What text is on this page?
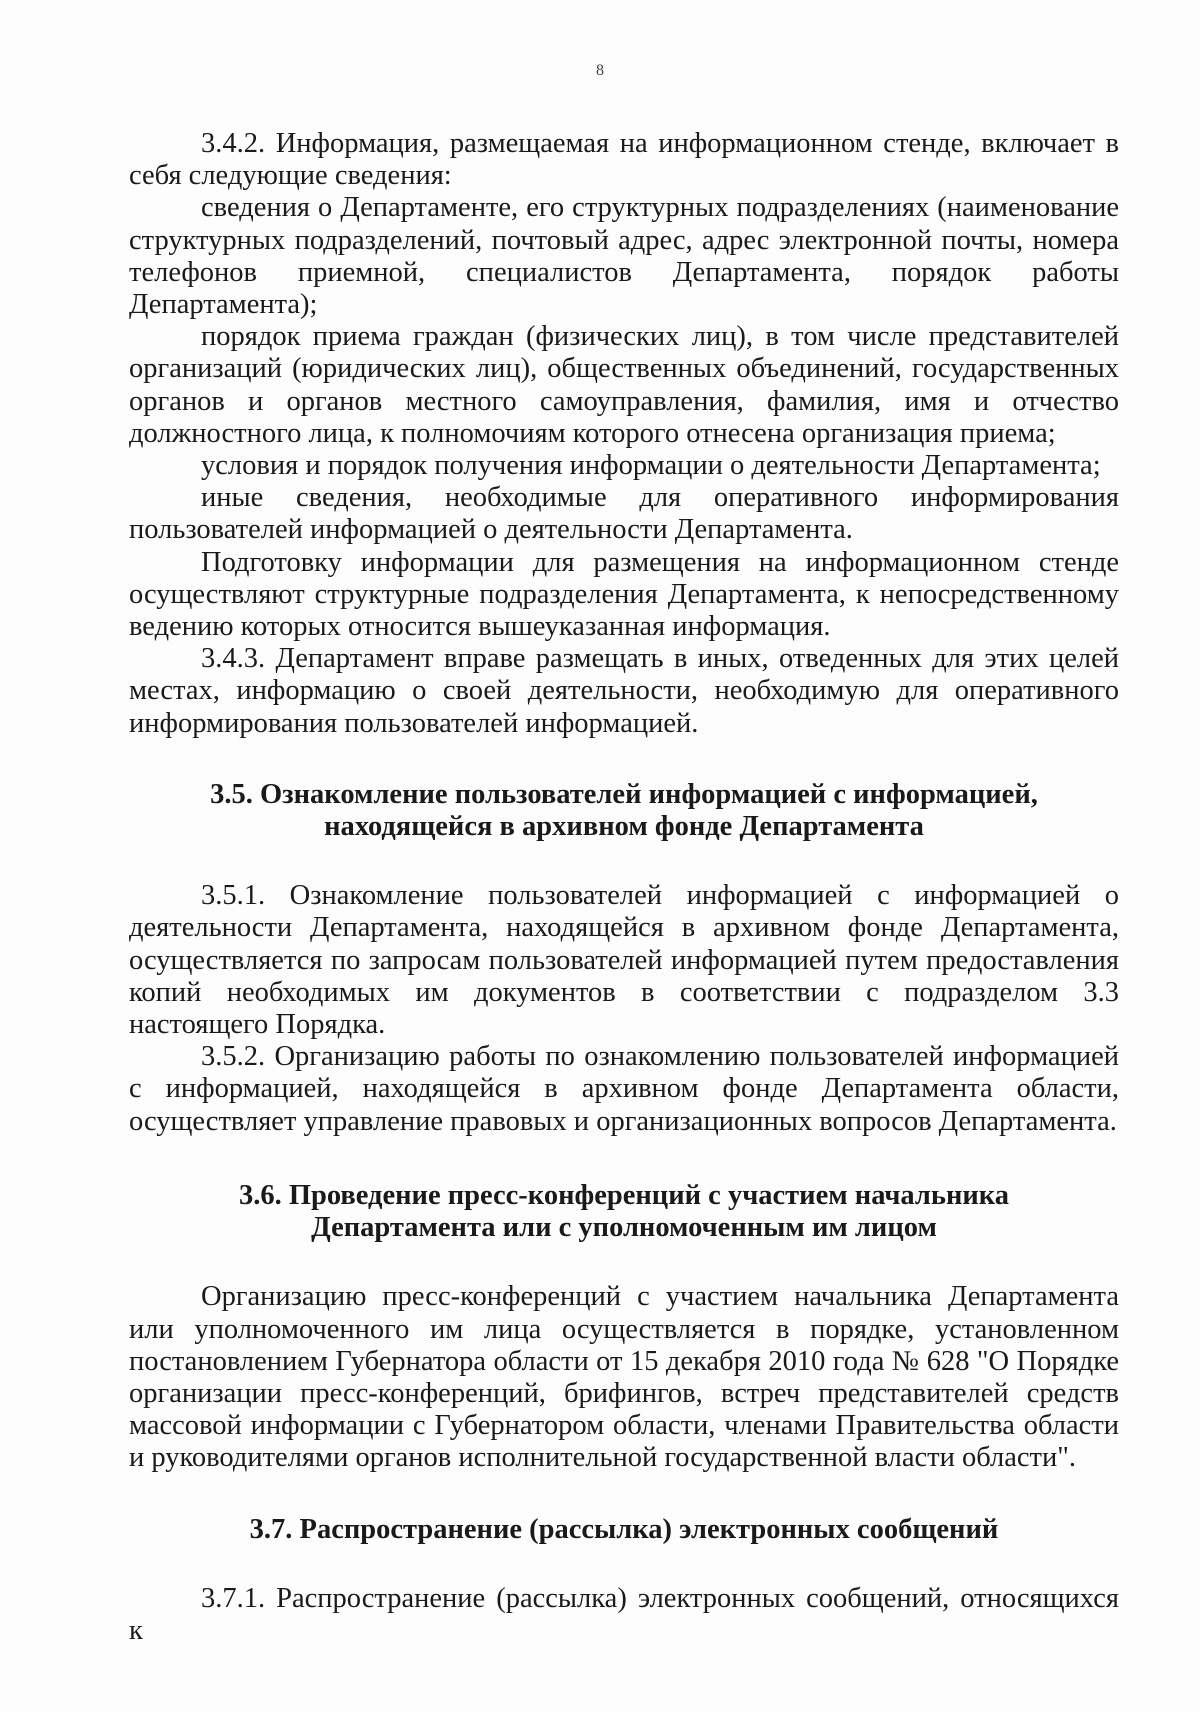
8

3.4.2. Информация, размещаемая на информационном стенде, включает в себя следующие сведения:

сведения о Департаменте, его структурных подразделениях (наименование структурных подразделений, почтовый адрес, адрес электронной почты, номера телефонов приемной, специалистов Департамента, порядок работы Департамента);

порядок приема граждан (физических лиц), в том числе представителей организаций (юридических лиц), общественных объединений, государственных органов и органов местного самоуправления, фамилия, имя и отчество должностного лица, к полномочиям которого отнесена организация приема;

условия и порядок получения информации о деятельности Департамента;

иные сведения, необходимые для оперативного информирования пользователей информацией о деятельности Департамента.

Подготовку информации для размещения на информационном стенде осуществляют структурные подразделения Департамента, к непосредственному ведению которых относится вышеуказанная информация.

3.4.3. Департамент вправе размещать в иных, отведенных для этих целей местах, информацию о своей деятельности, необходимую для оперативного информирования пользователей информацией.

3.5. Ознакомление пользователей информацией с информацией,
находящейся в архивном фонде Департамента

3.5.1. Ознакомление пользователей информацией с информацией о деятельности Департамента, находящейся в архивном фонде Департамента, осуществляется по запросам пользователей информацией путем предоставления копий необходимых им документов в соответствии с подразделом 3.3 настоящего Порядка.

3.5.2. Организацию работы по ознакомлению пользователей информацией с информацией, находящейся в архивном фонде Департамента области, осуществляет управление правовых и организационных вопросов Департамента.

3.6. Проведение пресс-конференций с участием начальника
Департамента или с уполномоченным им лицом

Организацию пресс-конференций с участием начальника Департамента или уполномоченного им лица осуществляется в порядке, установленном постановлением Губернатора области от 15 декабря 2010 года № 628 "О Порядке организации пресс-конференций, брифингов, встреч представителей средств массовой информации с Губернатором области, членами Правительства области и руководителями органов исполнительной государственной власти области".

3.7. Распространение (рассылка) электронных сообщений

3.7.1. Распространение (рассылка) электронных сообщений, относящихся к
